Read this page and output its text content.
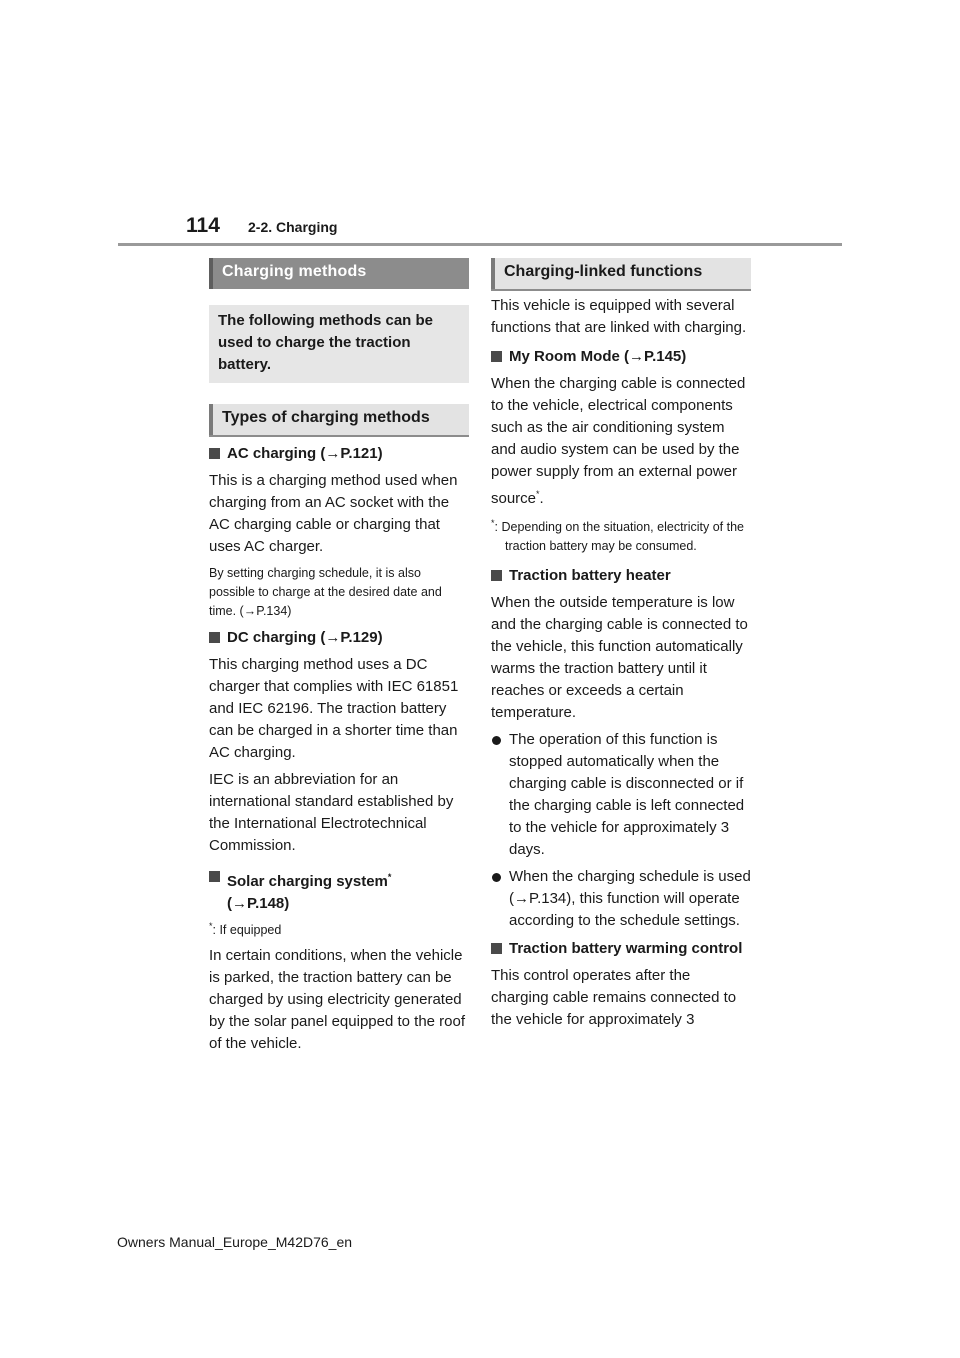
114 2-2. Charging
Charging methods
The following methods can be used to charge the traction battery.
Types of charging methods
AC charging (→P.121)

This is a charging method used when charging from an AC socket with the AC charging cable or charging that uses AC charger.

By setting charging schedule, it is also possible to charge at the desired date and time. (→P.134)

DC charging (→P.129)

This charging method uses a DC charger that complies with IEC 61851 and IEC 62196. The traction battery can be charged in a shorter time than AC charging.

IEC is an abbreviation for an international standard established by the International Electrotechnical Commission.

Solar charging system*
(→P.148)

*: If equipped

In certain conditions, when the vehicle is parked, the traction battery can be charged by using electricity generated by the solar panel equipped to the roof of the vehicle.

Charging-linked functions

This vehicle is equipped with several functions that are linked with charging.

My Room Mode (→P.145)

When the charging cable is connected to the vehicle, electrical components such as the air conditioning system and audio system can be used by the power supply from an external power source*.

*: Depending on the situation, electricity of the traction battery may be consumed.

Traction battery heater

When the outside temperature is low and the charging cable is connected to the vehicle, this function automatically warms the traction battery until it reaches or exceeds a certain temperature.

The operation of this function is stopped automatically when the charging cable is disconnected or if the charging cable is left connected to the vehicle for approximately 3 days.
When the charging schedule is used (→P.134), this function will operate according to the schedule settings.
Traction battery warming control

This control operates after the charging cable remains connected to the vehicle for approximately 3

Owners Manual_Europe_M42D76_en
